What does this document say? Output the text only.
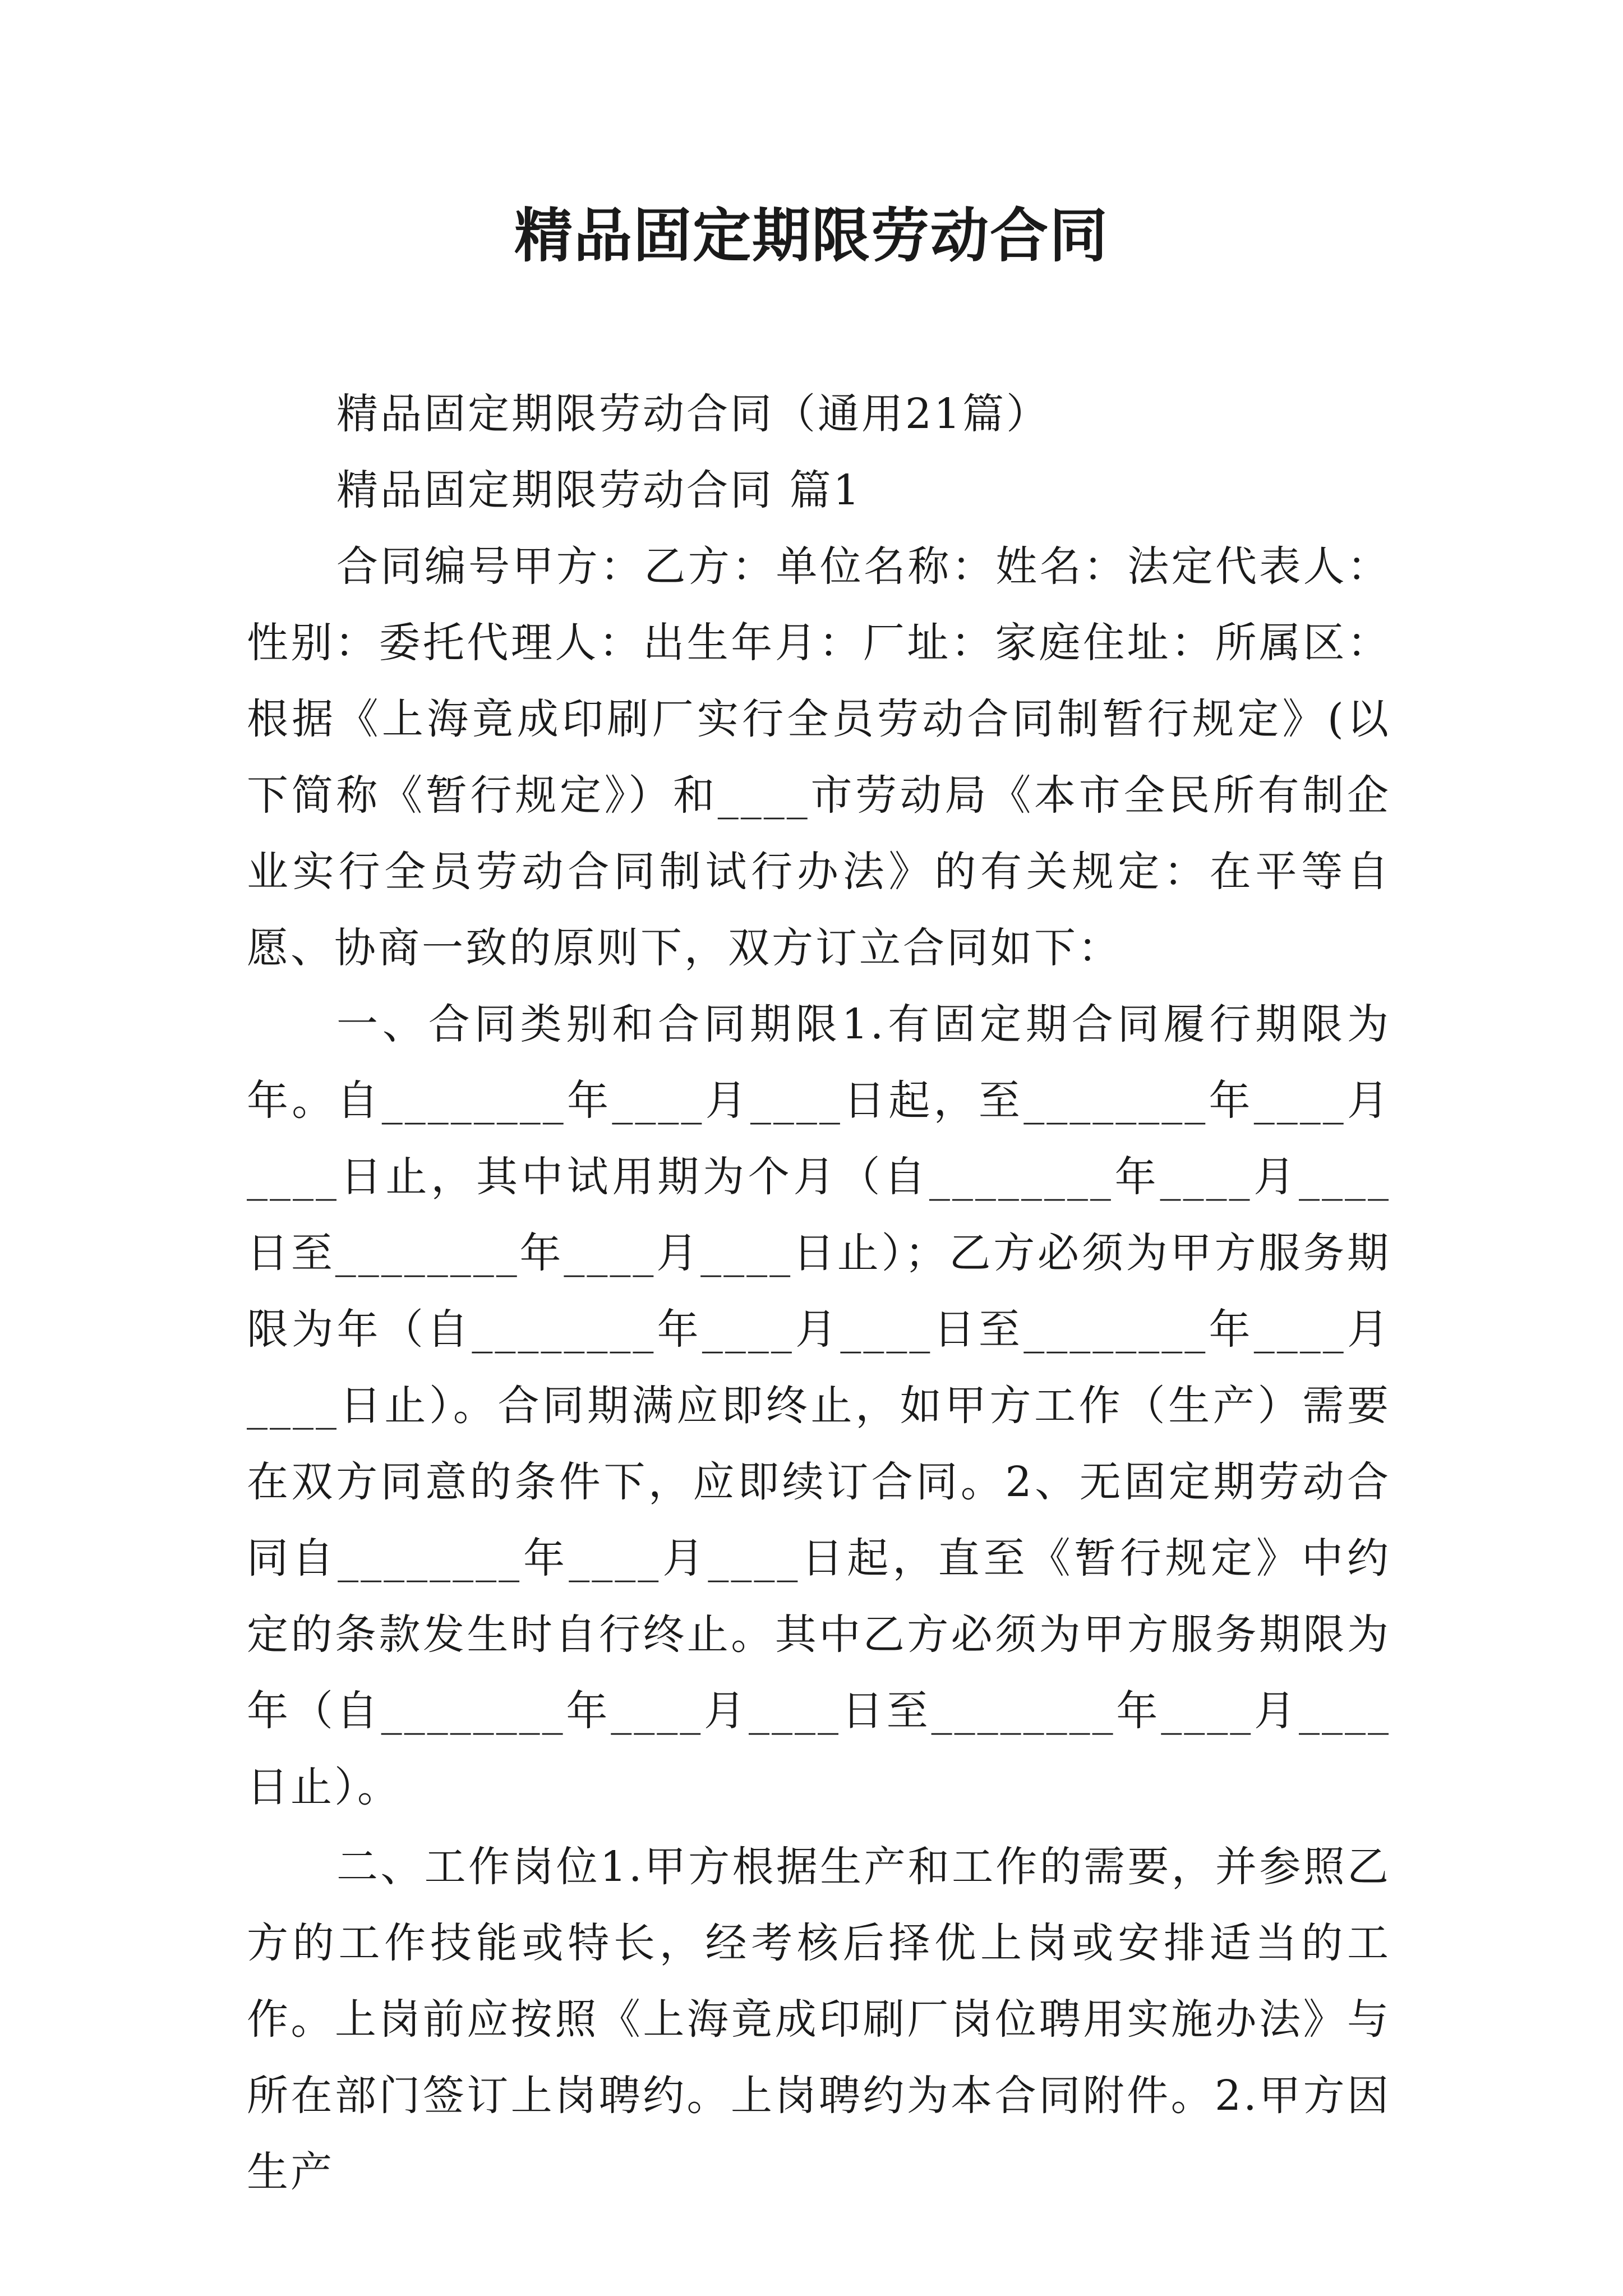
精品固定期限劳动合同

精品固定期限劳动合同（通用21篇）

精品固定期限劳动合同 篇1

合同编号甲方：乙方：单位名称：姓名：法定代表人：性别：委托代理人：出生年月：厂址：家庭住址：所属区：根据《上海竟成印刷厂实行全员劳动合同制暂行规定》(以下简称《暂行规定》）和____市劳动局《本市全民所有制企业实行全员劳动合同制试行办法》的有关规定：在平等自愿、协商一致的原则下，双方订立合同如下：

一、合同类别和合同期限1.有固定期合同履行期限为年。自________年____月____日起，至________年____月____日止，其中试用期为个月（自________年____月____日至________年____月____日止）；乙方必须为甲方服务期限为年（自________年____月____日至________年____月____日止）。合同期满应即终止，如甲方工作（生产）需要在双方同意的条件下，应即续订合同。2、无固定期劳动合同自________年____月____日起，直至《暂行规定》中约定的条款发生时自行终止。其中乙方必须为甲方服务期限为年（自________年____月____日至________年____月____日止）。

二、工作岗位1.甲方根据生产和工作的需要，并参照乙方的工作技能或特长，经考核后择优上岗或安排适当的工作。上岗前应按照《上海竟成印刷厂岗位聘用实施办法》与所在部门签订上岗聘约。上岗聘约为本合同附件。2.甲方因生产
